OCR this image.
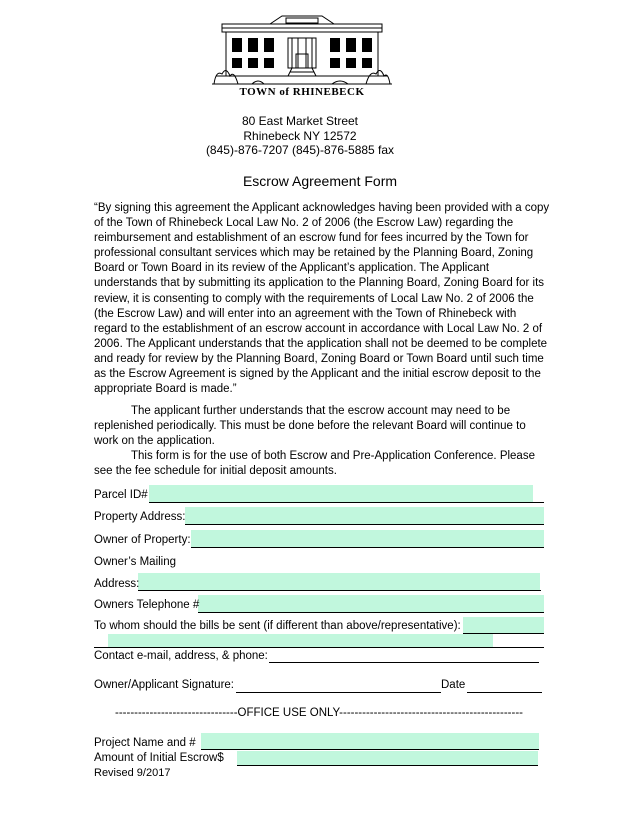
TOWN of RHINEBECK
80 East Market Street
Rhinebeck NY 12572
(845)-876-7207 (845)-876-5885 fax
Escrow Agreement Form

“By signing this agreement the Applicant acknowledges having been provided with a copy of the Town of Rhinebeck Local Law No. 2 of 2006 (the Escrow Law) regarding the reimbursement and establishment of an escrow fund for fees incurred by the Town for professional consultant services which may be retained by the Planning Board, Zoning Board or Town Board in its review of the Applicant’s application. The Applicant understands that by submitting its application to the Planning Board, Zoning Board for its review, it is consenting to comply with the requirements of Local Law No. 2 of 2006 the (the Escrow Law) and will enter into an agreement with the Town of Rhinebeck with regard to the establishment of an escrow account in accordance with Local Law No. 2 of 2006. The Applicant understands that the application shall not be deemed to be complete and ready for review by the Planning Board, Zoning Board or Town Board until such time as the Escrow Agreement is signed by the Applicant and the initial escrow deposit to the appropriate Board is made.”

The applicant further understands that the escrow account may need to be replenished periodically. This must be done before the relevant Board will continue to work on the application.

This form is for the use of both Escrow and Pre-Application Conference. Please see the fee schedule for initial deposit amounts.

Parcel ID#
Property Address:
Owner of Property:
Owner’s Mailing
Address:
Owners Telephone #
To whom should the bills be sent (if different than above/representative):
Contact e-mail, address, & phone:
Owner/Applicant Signature:	Date
--------------------------------OFFICE USE ONLY------------------------------------------------
Project Name and #
Amount of Initial Escrow$
Revised 9/2017
